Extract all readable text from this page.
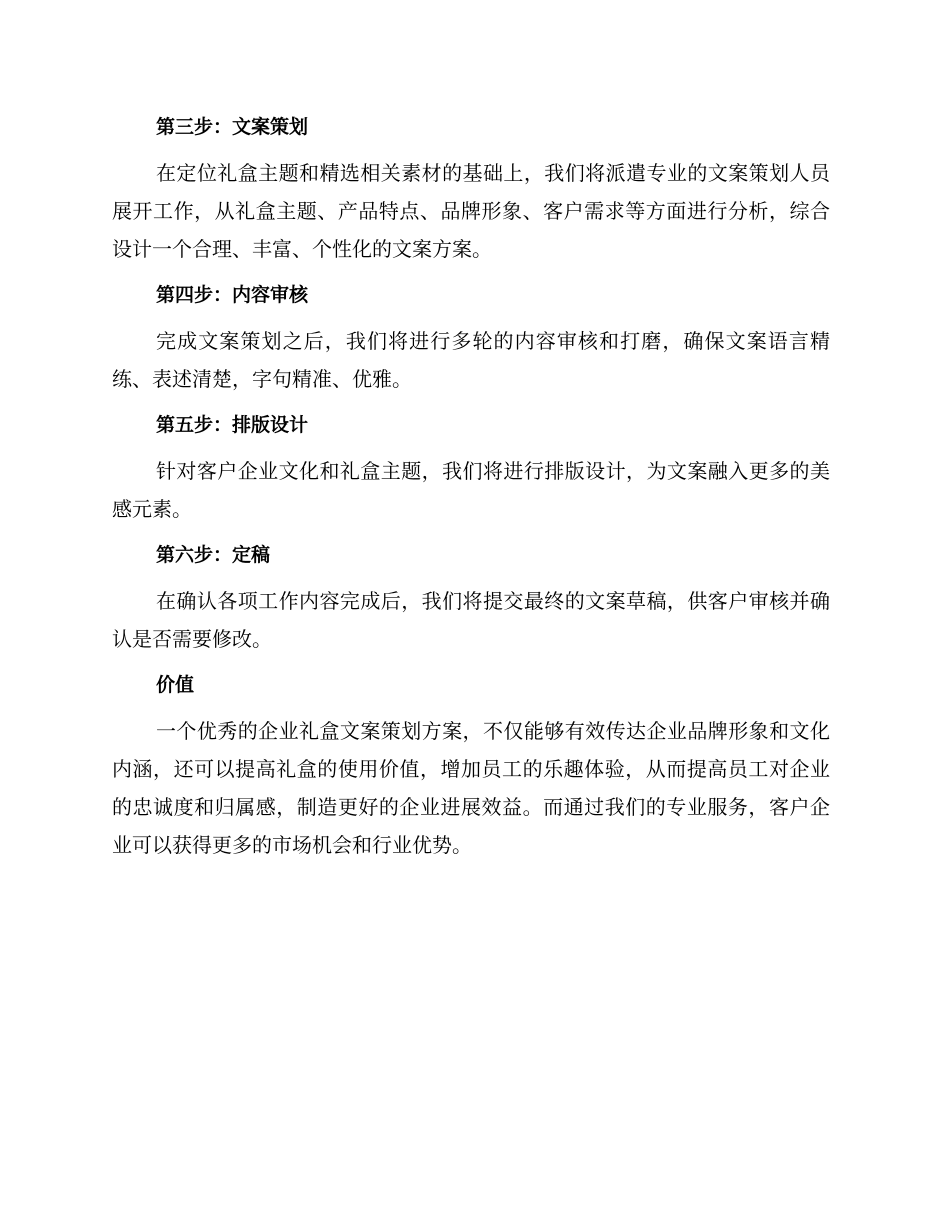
第三步：文案策划

在定位礼盒主题和精选相关素材的基础上，我们将派遣专业的文案策划人员展开工作，从礼盒主题、产品特点、品牌形象、客户需求等方面进行分析，综合设计一个合理、丰富、个性化的文案方案。

第四步：内容审核

完成文案策划之后，我们将进行多轮的内容审核和打磨，确保文案语言精练、表述清楚，字句精准、优雅。

第五步：排版设计

针对客户企业文化和礼盒主题，我们将进行排版设计，为文案融入更多的美感元素。

第六步：定稿

在确认各项工作内容完成后，我们将提交最终的文案草稿，供客户审核并确认是否需要修改。

价值

一个优秀的企业礼盒文案策划方案，不仅能够有效传达企业品牌形象和文化内涵，还可以提高礼盒的使用价值，增加员工的乐趣体验，从而提高员工对企业的忠诚度和归属感，制造更好的企业进展效益。而通过我们的专业服务，客户企业可以获得更多的市场机会和行业优势。
